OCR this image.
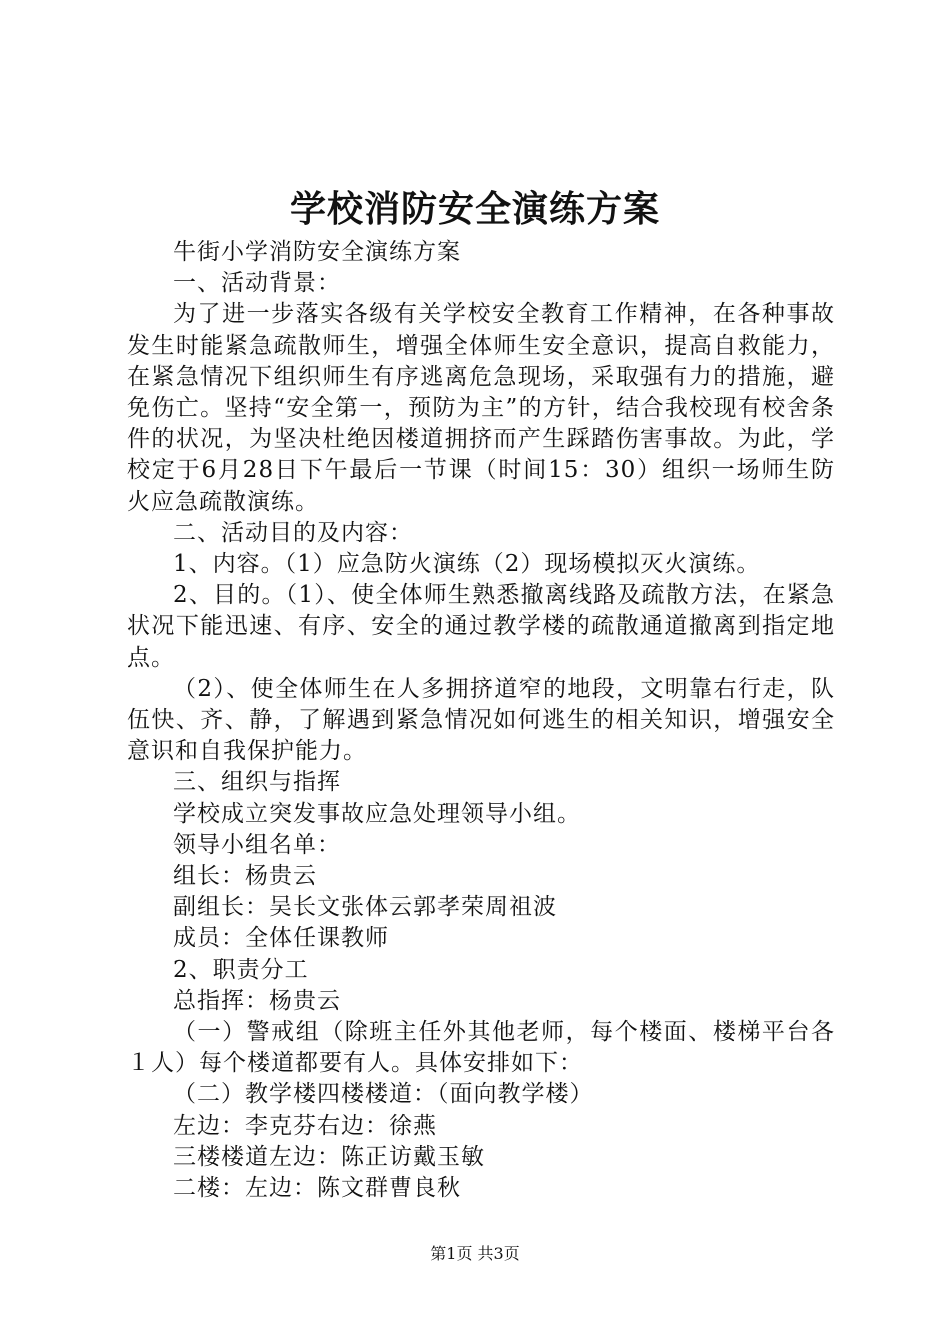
学校消防安全演练方案

牛街小学消防安全演练方案

一、活动背景：

为了进一步落实各级有关学校安全教育工作精神，在各种事故发生时能紧急疏散师生，增强全体师生安全意识，提高自救能力，在紧急情况下组织师生有序逃离危急现场，采取强有力的措施，避免伤亡。坚持“安全第一，预防为主”的方针，结合我校现有校舍条件的状况，为坚决杜绝因楼道拥挤而产生踩踏伤害事故。为此，学校定于6月28日下午最后一节课（时间15：30）组织一场师生防火应急疏散演练。

二、活动目的及内容：

1、内容。（1）应急防火演练（2）现场模拟灭火演练。

2、目的。（1）、使全体师生熟悉撤离线路及疏散方法，在紧急状况下能迅速、有序、安全的通过教学楼的疏散通道撤离到指定地点。

（2）、使全体师生在人多拥挤道窄的地段，文明靠右行走，队伍快、齐、静，了解遇到紧急情况如何逃生的相关知识，增强安全意识和自我保护能力。

三、组织与指挥

学校成立突发事故应急处理领导小组。

领导小组名单：

组长：杨贵云

副组长：吴长文张体云郭孝荣周祖波

成员：全体任课教师

2、职责分工

总指挥：杨贵云

（一）警戒组（除班主任外其他老师，每个楼面、楼梯平台各１人）每个楼道都要有人。具体安排如下：

（二）教学楼四楼楼道：（面向教学楼）

左边：李克芬右边：徐燕

三楼楼道左边：陈正访戴玉敏

二楼：左边：陈文群曹良秋

第1页 共3页
